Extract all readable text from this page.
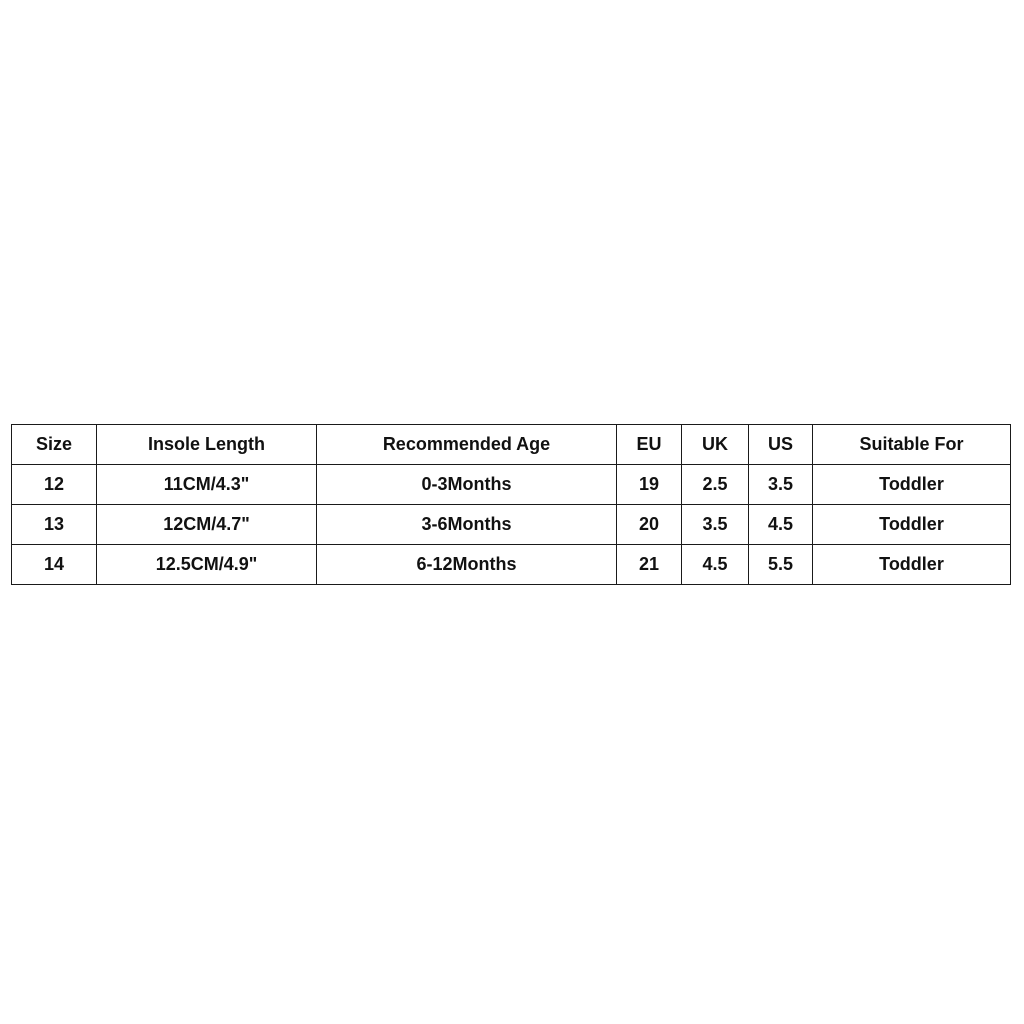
Size	Insole Length	Recommended Age	EU	UK	US	Suitable For
12	11CM/4.3"	0-3Months	19	2.5	3.5	Toddler
13	12CM/4.7"	3-6Months	20	3.5	4.5	Toddler
14	12.5CM/4.9"	6-12Months	21	4.5	5.5	Toddler
